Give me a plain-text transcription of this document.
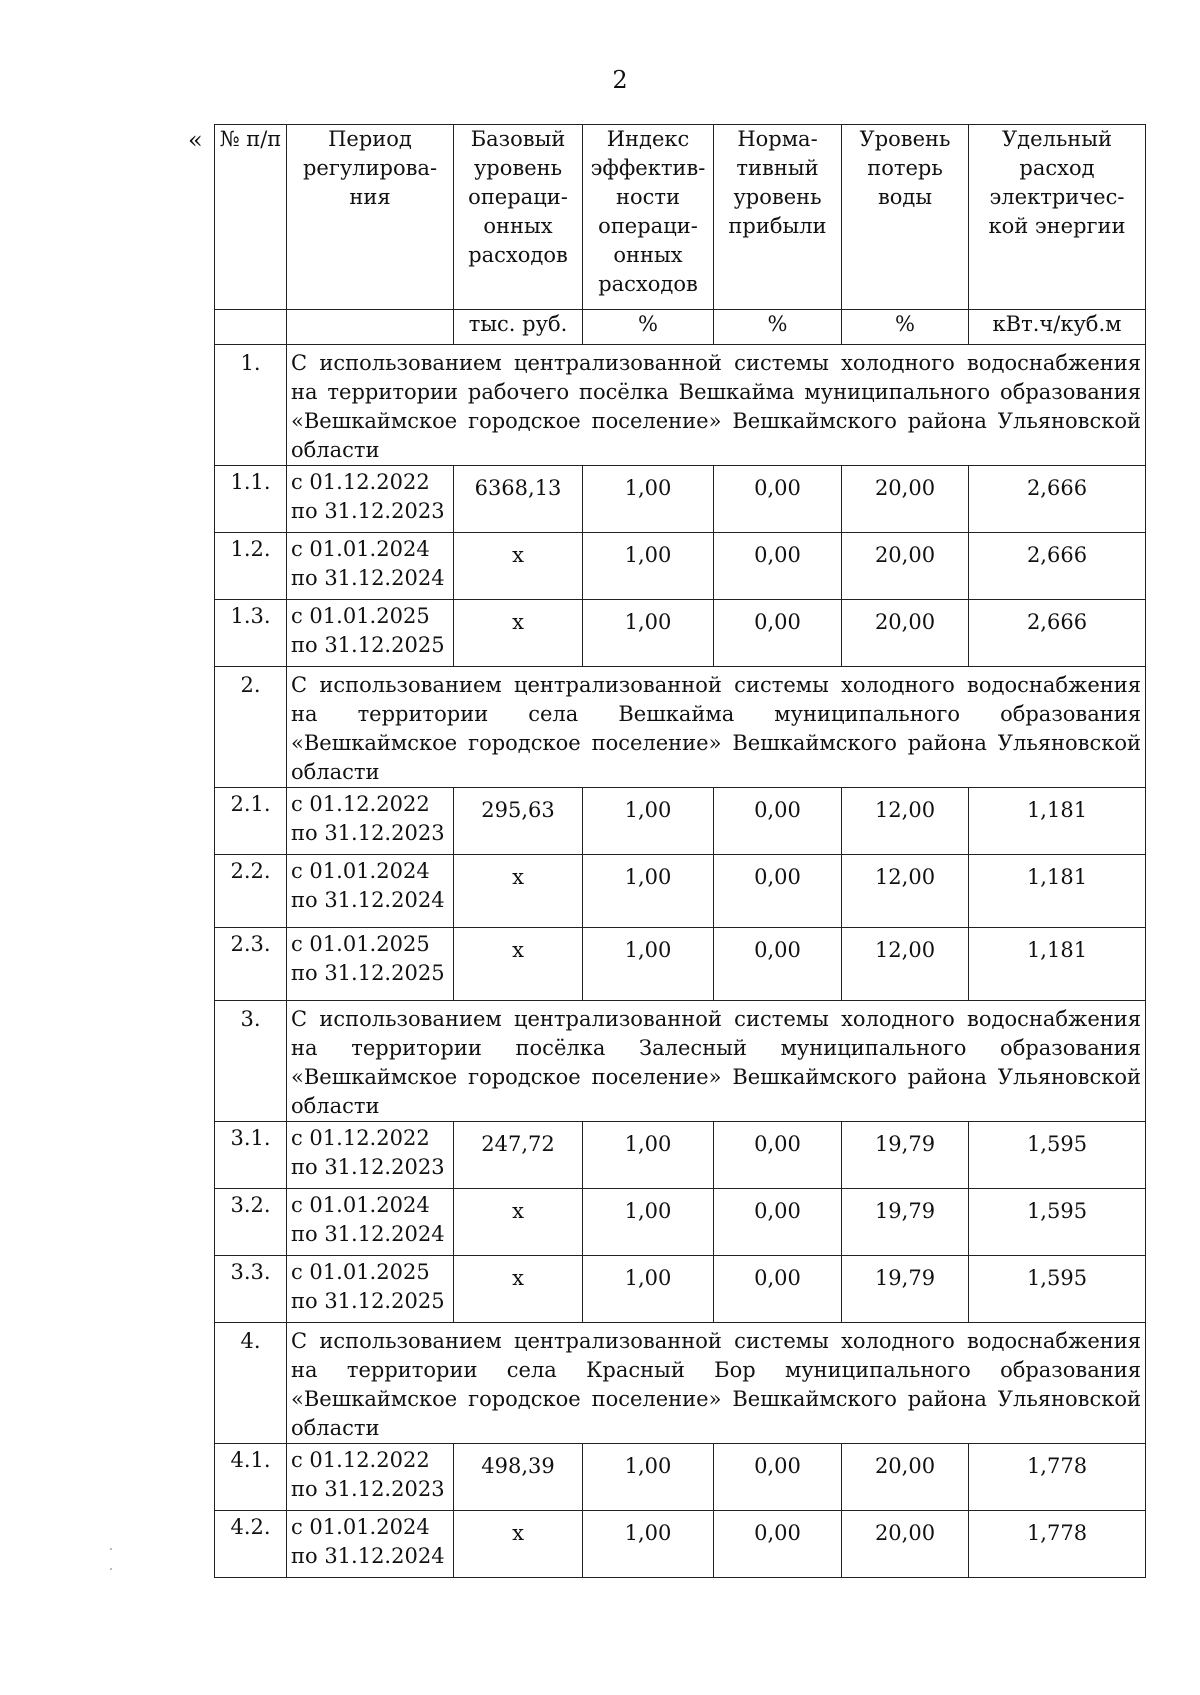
2
« № п/п	Период регулирова-ния	Базовый уровень операци-онных расходов	Индекс эффектив-ности операци-онных расходов	Норма-тивный уровень прибыли	Уровень потерь воды	Удельный расход электричес-кой энергии
		тыс. руб.	%	%	%	кВт.ч/куб.м
1.	С использованием централизованной системы холодного водоснабжения на территории рабочего посёлка Вешкайма муниципального образования «Вешкаймское городское поселение» Вешкаймского района Ульяновской области					
1.1.	с 01.12.2022 по 31.12.2023	6368,13	1,00	0,00	20,00	2,666
1.2.	с 01.01.2024 по 31.12.2024	х	1,00	0,00	20,00	2,666
1.3.	с 01.01.2025 по 31.12.2025	х	1,00	0,00	20,00	2,666
2.	С использованием централизованной системы холодного водоснабжения на территории села Вешкайма муниципального образования «Вешкаймское городское поселение» Вешкаймского района Ульяновской области					
2.1.	с 01.12.2022 по 31.12.2023	295,63	1,00	0,00	12,00	1,181
2.2.	с 01.01.2024 по 31.12.2024	х	1,00	0,00	12,00	1,181
2.3.	с 01.01.2025 по 31.12.2025	х	1,00	0,00	12,00	1,181
3.	С использованием централизованной системы холодного водоснабжения на территории посёлка Залесный муниципального образования «Вешкаймское городское поселение» Вешкаймского района Ульяновской области					
3.1.	с 01.12.2022 по 31.12.2023	247,72	1,00	0,00	19,79	1,595
3.2.	с 01.01.2024 по 31.12.2024	х	1,00	0,00	19,79	1,595
3.3.	с 01.01.2025 по 31.12.2025	х	1,00	0,00	19,79	1,595
4.	С использованием централизованной системы холодного водоснабжения на территории села Красный Бор муниципального образования «Вешкаймское городское поселение» Вешкаймского района Ульяновской области					
4.1.	с 01.12.2022 по 31.12.2023	498,39	1,00	0,00	20,00	1,778
4.2.	с 01.01.2024 по 31.12.2024	х	1,00	0,00	20,00	1,778
